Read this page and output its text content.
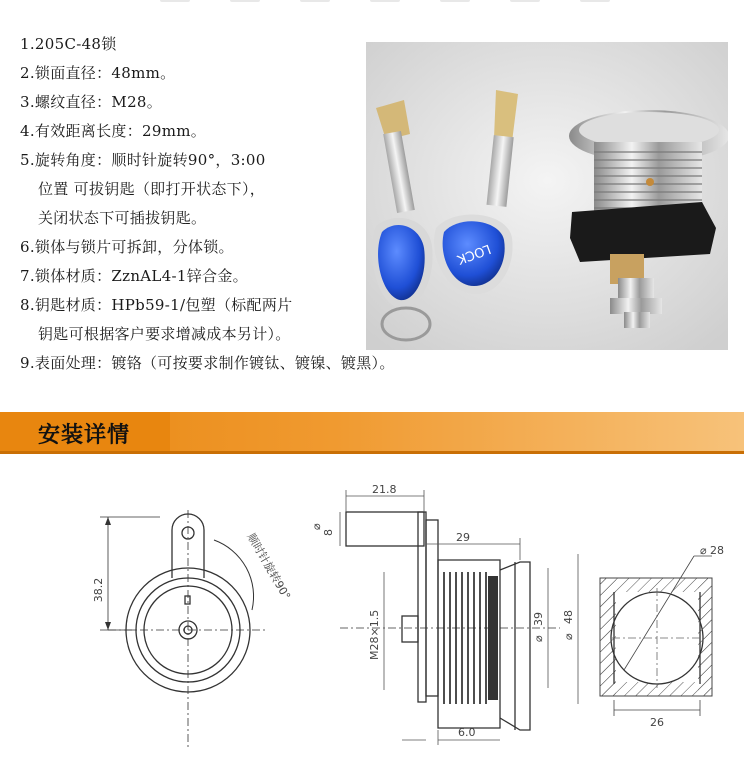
1.205C-48锁
2.锁面直径：48mm。
3.螺纹直径：M28。
4.有效距离长度：29mm。
5.旋转角度：顺时针旋转90°，3:00
位置 可拔钥匙（即打开状态下），
关闭状态下可插拔钥匙。
6.锁体与锁片可拆卸，分体锁。
7.锁体材质：ZznAL4-1锌合金。
8.钥匙材质：HPb59-1/包塑（标配两片
钥匙可根据客户要求增减成本另计）。
9.表面处理：镀铬（可按要求制作镀钛、镀镍、镀黑）。
LOCK
安装详情
38.2	顺时针旋转90°
21.8
8
⌀
29
M28×1.5	39
⌀
48
⌀
6.0
⌀ 28
26
